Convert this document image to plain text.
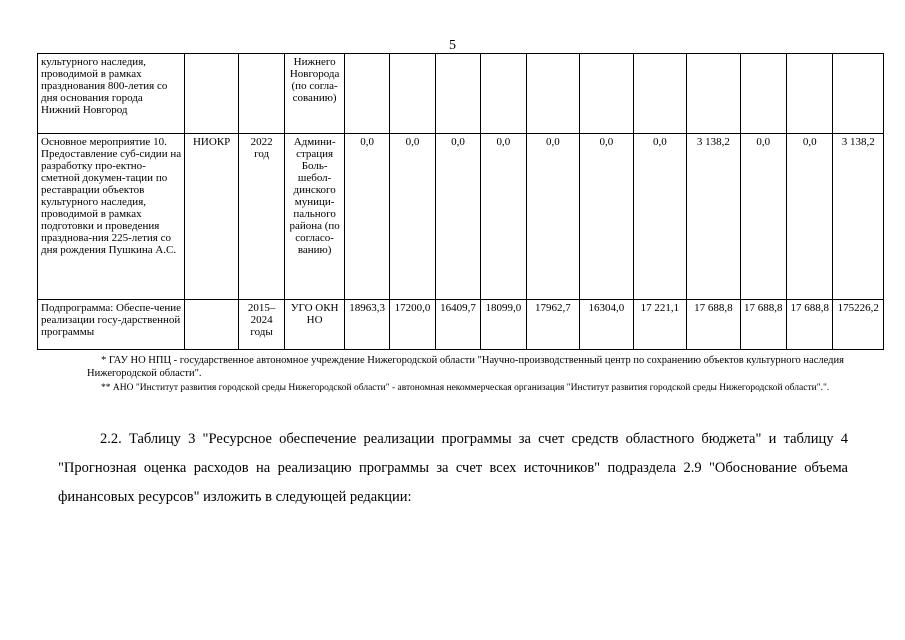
5
культурного наследия, проводимой в рамках празднования 800-летия со дня основания города Нижний Новгород			Нижнего Новгорода (по согла-сованию)											
Основное мероприятие 10. Предоставление суб-сидии на разработку про-ектно-сметной докумен-тации по реставрации объектов культурного наследия, проводимой в рамках подготовки и проведения празднова-ния 225-летия со дня рождения Пушкина А.С.	НИОКР	2022 год	Админи-страция Боль-шебол-динского муници-пального района (по согласо-ванию)	0,0	0,0	0,0	0,0	0,0	0,0	0,0	3 138,2	0,0	0,0	3 138,2
Подпрограмма: Обеспе-чение реализации госу-дарственной программы		2015– 2024 годы	УГО ОКН НО	18963,3	17200,0	16409,7	18099,0	17962,7	16304,0	17 221,1	17 688,8	17 688,8	17 688,8	175226,2

* ГАУ НО НПЦ - государственное автономное учреждение Нижегородской области "Научно-производственный центр по сохранению объектов культурного наследия Нижегородской области".

** АНО "Институт развития городской среды Нижегородской области" - автономная некоммерческая организация "Институт развития городской среды Нижегородской области".".

2.2. Таблицу 3 "Ресурсное обеспечение реализации программы за счет средств областного бюджета" и таблицу 4 "Прогнозная оценка расходов на реализацию программы за счет всех источников" подраздела 2.9 "Обоснование объема финансовых ресурсов" изложить в следующей редакции:
